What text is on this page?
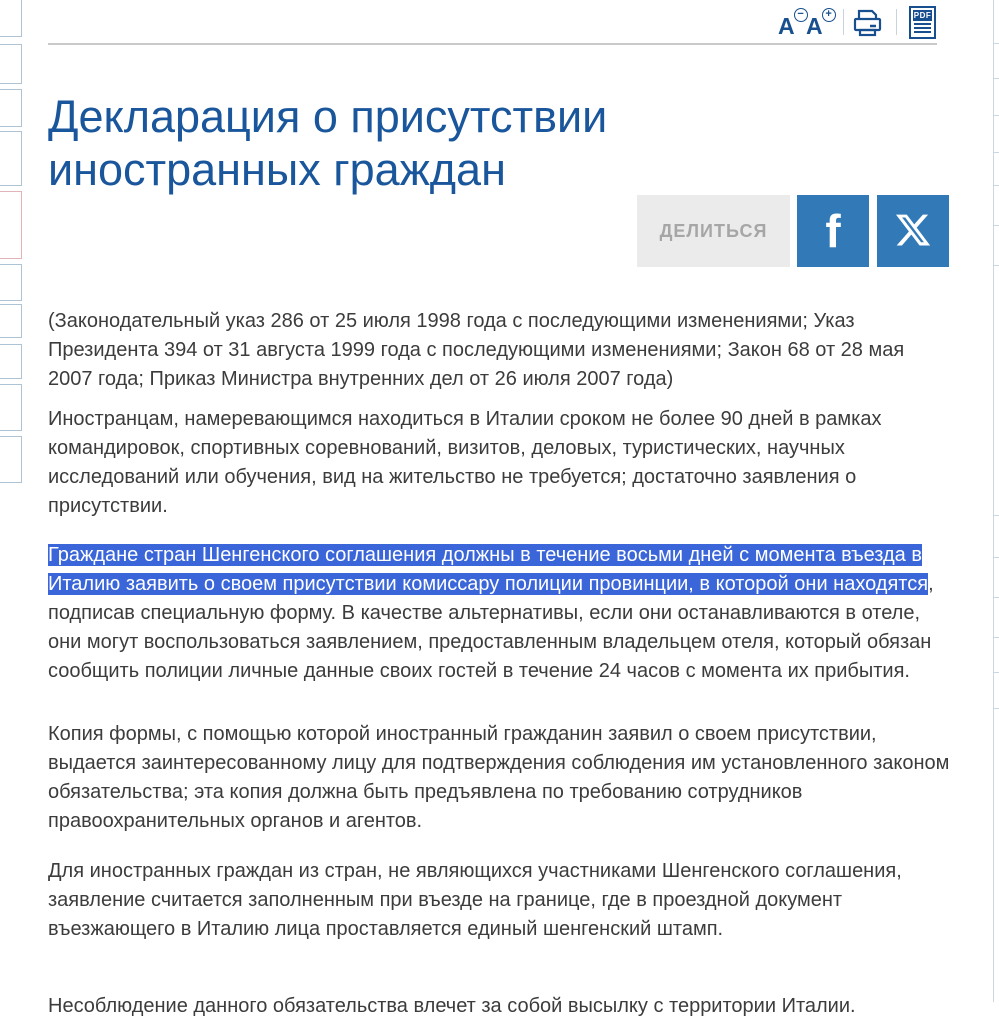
A − A +	PDF
Декларация о присутствии
иностранных граждан
ДЕЛИТЬСЯ f

(Законодательный указ 286 от 25 июля 1998 года с последующими изменениями; Указ Президента 394 от 31 августа 1999 года с последующими изменениями; Закон 68 от 28 мая 2007 года; Приказ Министра внутренних дел от 26 июля 2007 года)

Иностранцам, намеревающимся находиться в Италии сроком не более 90 дней в рамках командировок, спортивных соревнований, визитов, деловых, туристических, научных исследований или обучения, вид на жительство не требуется; достаточно заявления о присутствии.

Граждане стран Шенгенского соглашения должны в течение восьми дней с момента въезда в Италию заявить о своем присутствии комиссару полиции провинции, в которой они находятся, подписав специальную форму. В качестве альтернативы, если они останавливаются в отеле, они могут воспользоваться заявлением, предоставленным владельцем отеля, который обязан сообщить полиции личные данные своих гостей в течение 24 часов с момента их прибытия.

Копия формы, с помощью которой иностранный гражданин заявил о своем присутствии, выдается заинтересованному лицу для подтверждения соблюдения им установленного законом обязательства; эта копия должна быть предъявлена по требованию сотрудников правоохранительных органов и агентов.

Для иностранных граждан из стран, не являющихся участниками Шенгенского соглашения, заявление считается заполненным при въезде на границе, где в проездной документ въезжающего в Италию лица проставляется единый шенгенский штамп.

Несоблюдение данного обязательства влечет за собой высылку с территории Италии.
